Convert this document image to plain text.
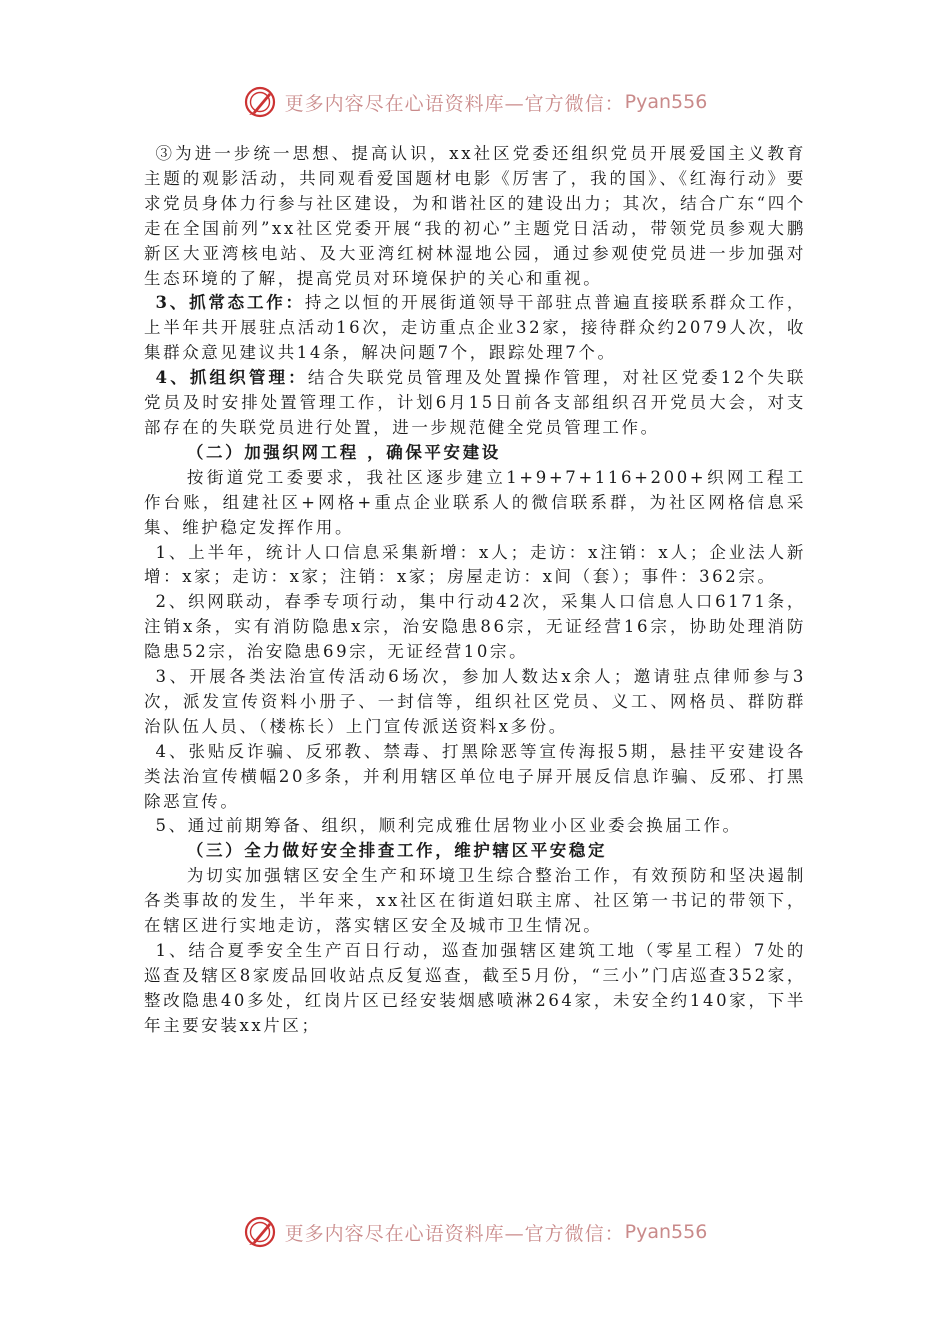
更多内容尽在心语资料库—官方微信： Pyan556

③为进一步统一思想、提高认识，xx社区党委还组织党员开展爱国主义教育主题的观影活动，共同观看爱国题材电影《厉害了，我的国》、《红海行动》要求党员身体力行参与社区建设，为和谐社区的建设出力；其次，结合广东“四个走在全国前列”xx社区党委开展“我的初心”主题党日活动，带领党员参观大鹏新区大亚湾核电站、及大亚湾红树林湿地公园，通过参观使党员进一步加强对生态环境的了解，提高党员对环境保护的关心和重视。

3、抓常态工作：持之以恒的开展街道领导干部驻点普遍直接联系群众工作，上半年共开展驻点活动16次，走访重点企业32家，接待群众约2079人次，收集群众意见建议共14条，解决问题7个，跟踪处理7个。

4、抓组织管理：结合失联党员管理及处置操作管理，对社区党委12个失联党员及时安排处置管理工作，计划6月15日前各支部组织召开党员大会，对支部存在的失联党员进行处置，进一步规范健全党员管理工作。

（二）加强织网工程 ，确保平安建设

按街道党工委要求，我社区逐步建立1+9+7+116+200+织网工程工作台账，组建社区+网格+重点企业联系人的微信联系群，为社区网格信息采集、维护稳定发挥作用。

1、上半年，统计人口信息采集新增：x人；走访：x注销：x人；企业法人新增：x家；走访：x家；注销：x家；房屋走访：x间（套）；事件：362宗。

2、织网联动，春季专项行动，集中行动42次，采集人口信息人口6171条，注销x条，实有消防隐患x宗，治安隐患86宗，无证经营16宗，协助处理消防隐患52宗，治安隐患69宗，无证经营10宗。

3、开展各类法治宣传活动6场次，参加人数达x余人；邀请驻点律师参与3次，派发宣传资料小册子、一封信等，组织社区党员、义工、网格员、群防群治队伍人员、（楼栋长）上门宣传派送资料x多份。

4、张贴反诈骗、反邪教、禁毒、打黑除恶等宣传海报5期，悬挂平安建设各类法治宣传横幅20多条，并利用辖区单位电子屏开展反信息诈骗、反邪、打黑除恶宣传。

5、通过前期筹备、组织，顺利完成雅仕居物业小区业委会换届工作。

（三）全力做好安全排查工作，维护辖区平安稳定

为切实加强辖区安全生产和环境卫生综合整治工作，有效预防和坚决遏制各类事故的发生，半年来，xx社区在街道妇联主席、社区第一书记的带领下，在辖区进行实地走访，落实辖区安全及城市卫生情况。

1、结合夏季安全生产百日行动，巡查加强辖区建筑工地（零星工程）7处的巡查及辖区8家废品回收站点反复巡查，截至5月份，“三小”门店巡查352家，整改隐患40多处，红岗片区已经安装烟感喷淋264家，未安全约140家，下半年主要安装xx片区；

更多内容尽在心语资料库—官方微信： Pyan556
